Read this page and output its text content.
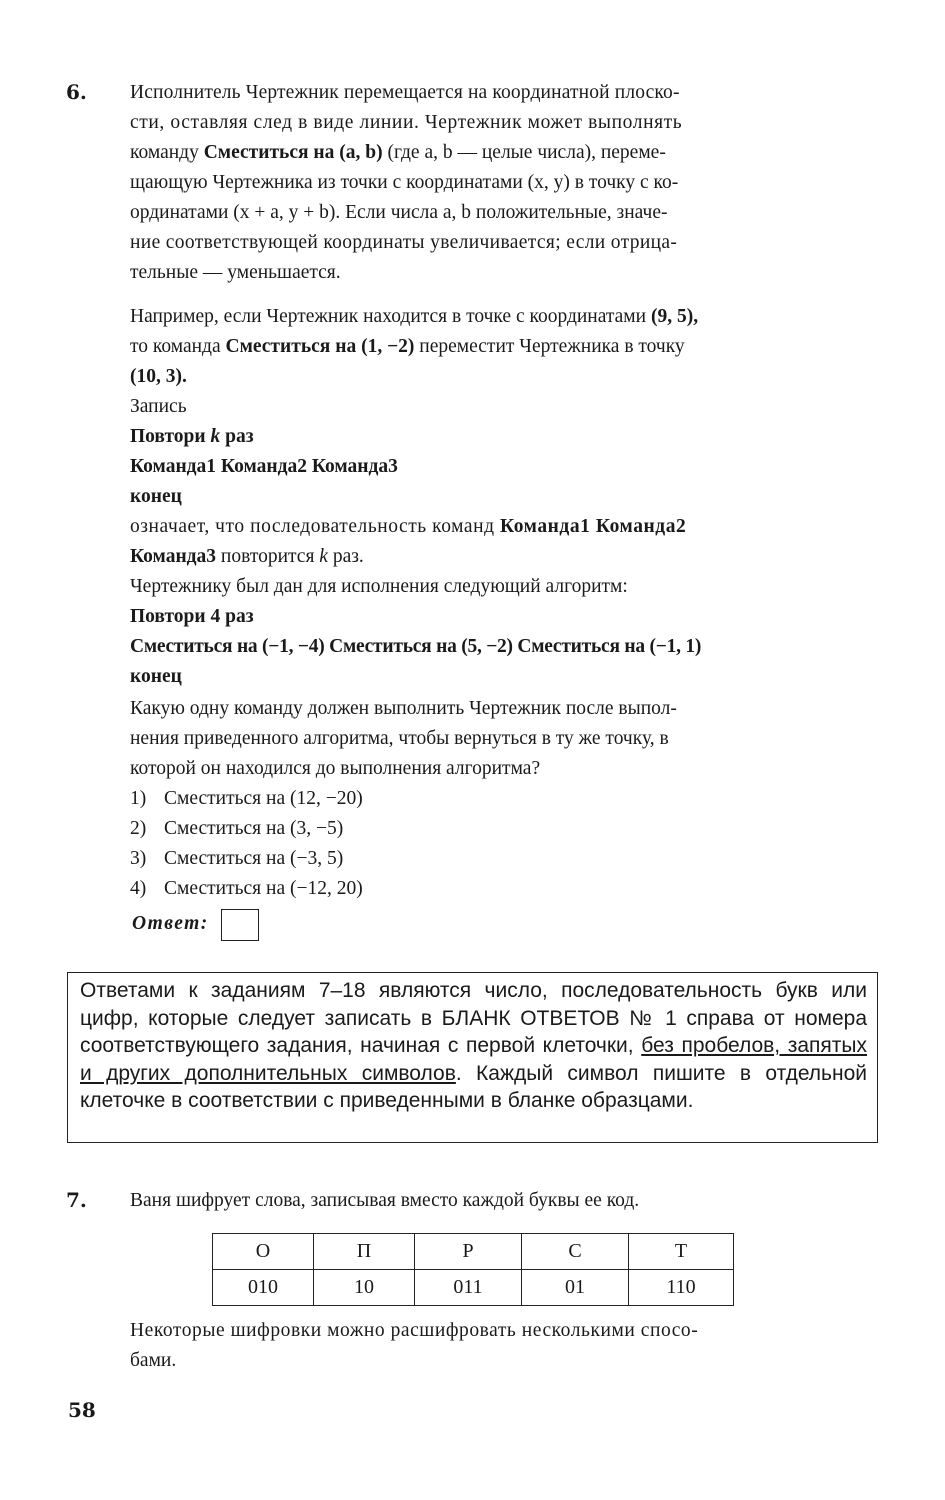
6. Исполнитель Чертежник перемещается на координатной плоско-
сти, оставляя след в виде линии. Чертежник может выполнять
команду Сместиться на (a, b) (где a, b — целые числа), переме-
щающую Чертежника из точки с координатами (x, y) в точку с ко-
ординатами (x + a, y + b). Если числа a, b положительные, значе-
ние соответствующей координаты увеличивается; если отрица-
тельные — уменьшается.
Например, если Чертежник находится в точке с координатами (9, 5),
то команда Сместиться на (1, −2) переместит Чертежника в точку
(10, 3).
Запись
Повтори k раз
Команда1 Команда2 Команда3
конец
означает, что последовательность команд Команда1 Команда2
Команда3 повторится k раз.
Чертежнику был дан для исполнения следующий алгоритм:
Повтори 4 раз
Сместиться на (−1, −4) Сместиться на (5, −2) Сместиться на (−1, 1)
конец
Какую одну команду должен выполнить Чертежник после выпол-
нения приведенного алгоритма, чтобы вернуться в ту же точку, в
которой он находился до выполнения алгоритма?
1) Сместиться на (12, −20)
2) Сместиться на (3, −5)
3) Сместиться на (−3, 5)
4) Сместиться на (−12, 20)
Ответ:
Ответами к заданиям 7–18 являются число, последовательность букв или цифр, которые следует записать в БЛАНК ОТВЕТОВ № 1 справа от номера соответствующего задания, начиная с первой клеточки, без пробелов, запятых и других дополнительных символов. Каждый символ пишите в отдельной клеточке в соответствии с приведенными в бланке образцами.
7. Ваня шифрует слова, записывая вместо каждой буквы ее код.
О	П	Р	С	Т
010	10	011	01	110
Некоторые шифровки можно расшифровать несколькими спосо-
бами.
58
